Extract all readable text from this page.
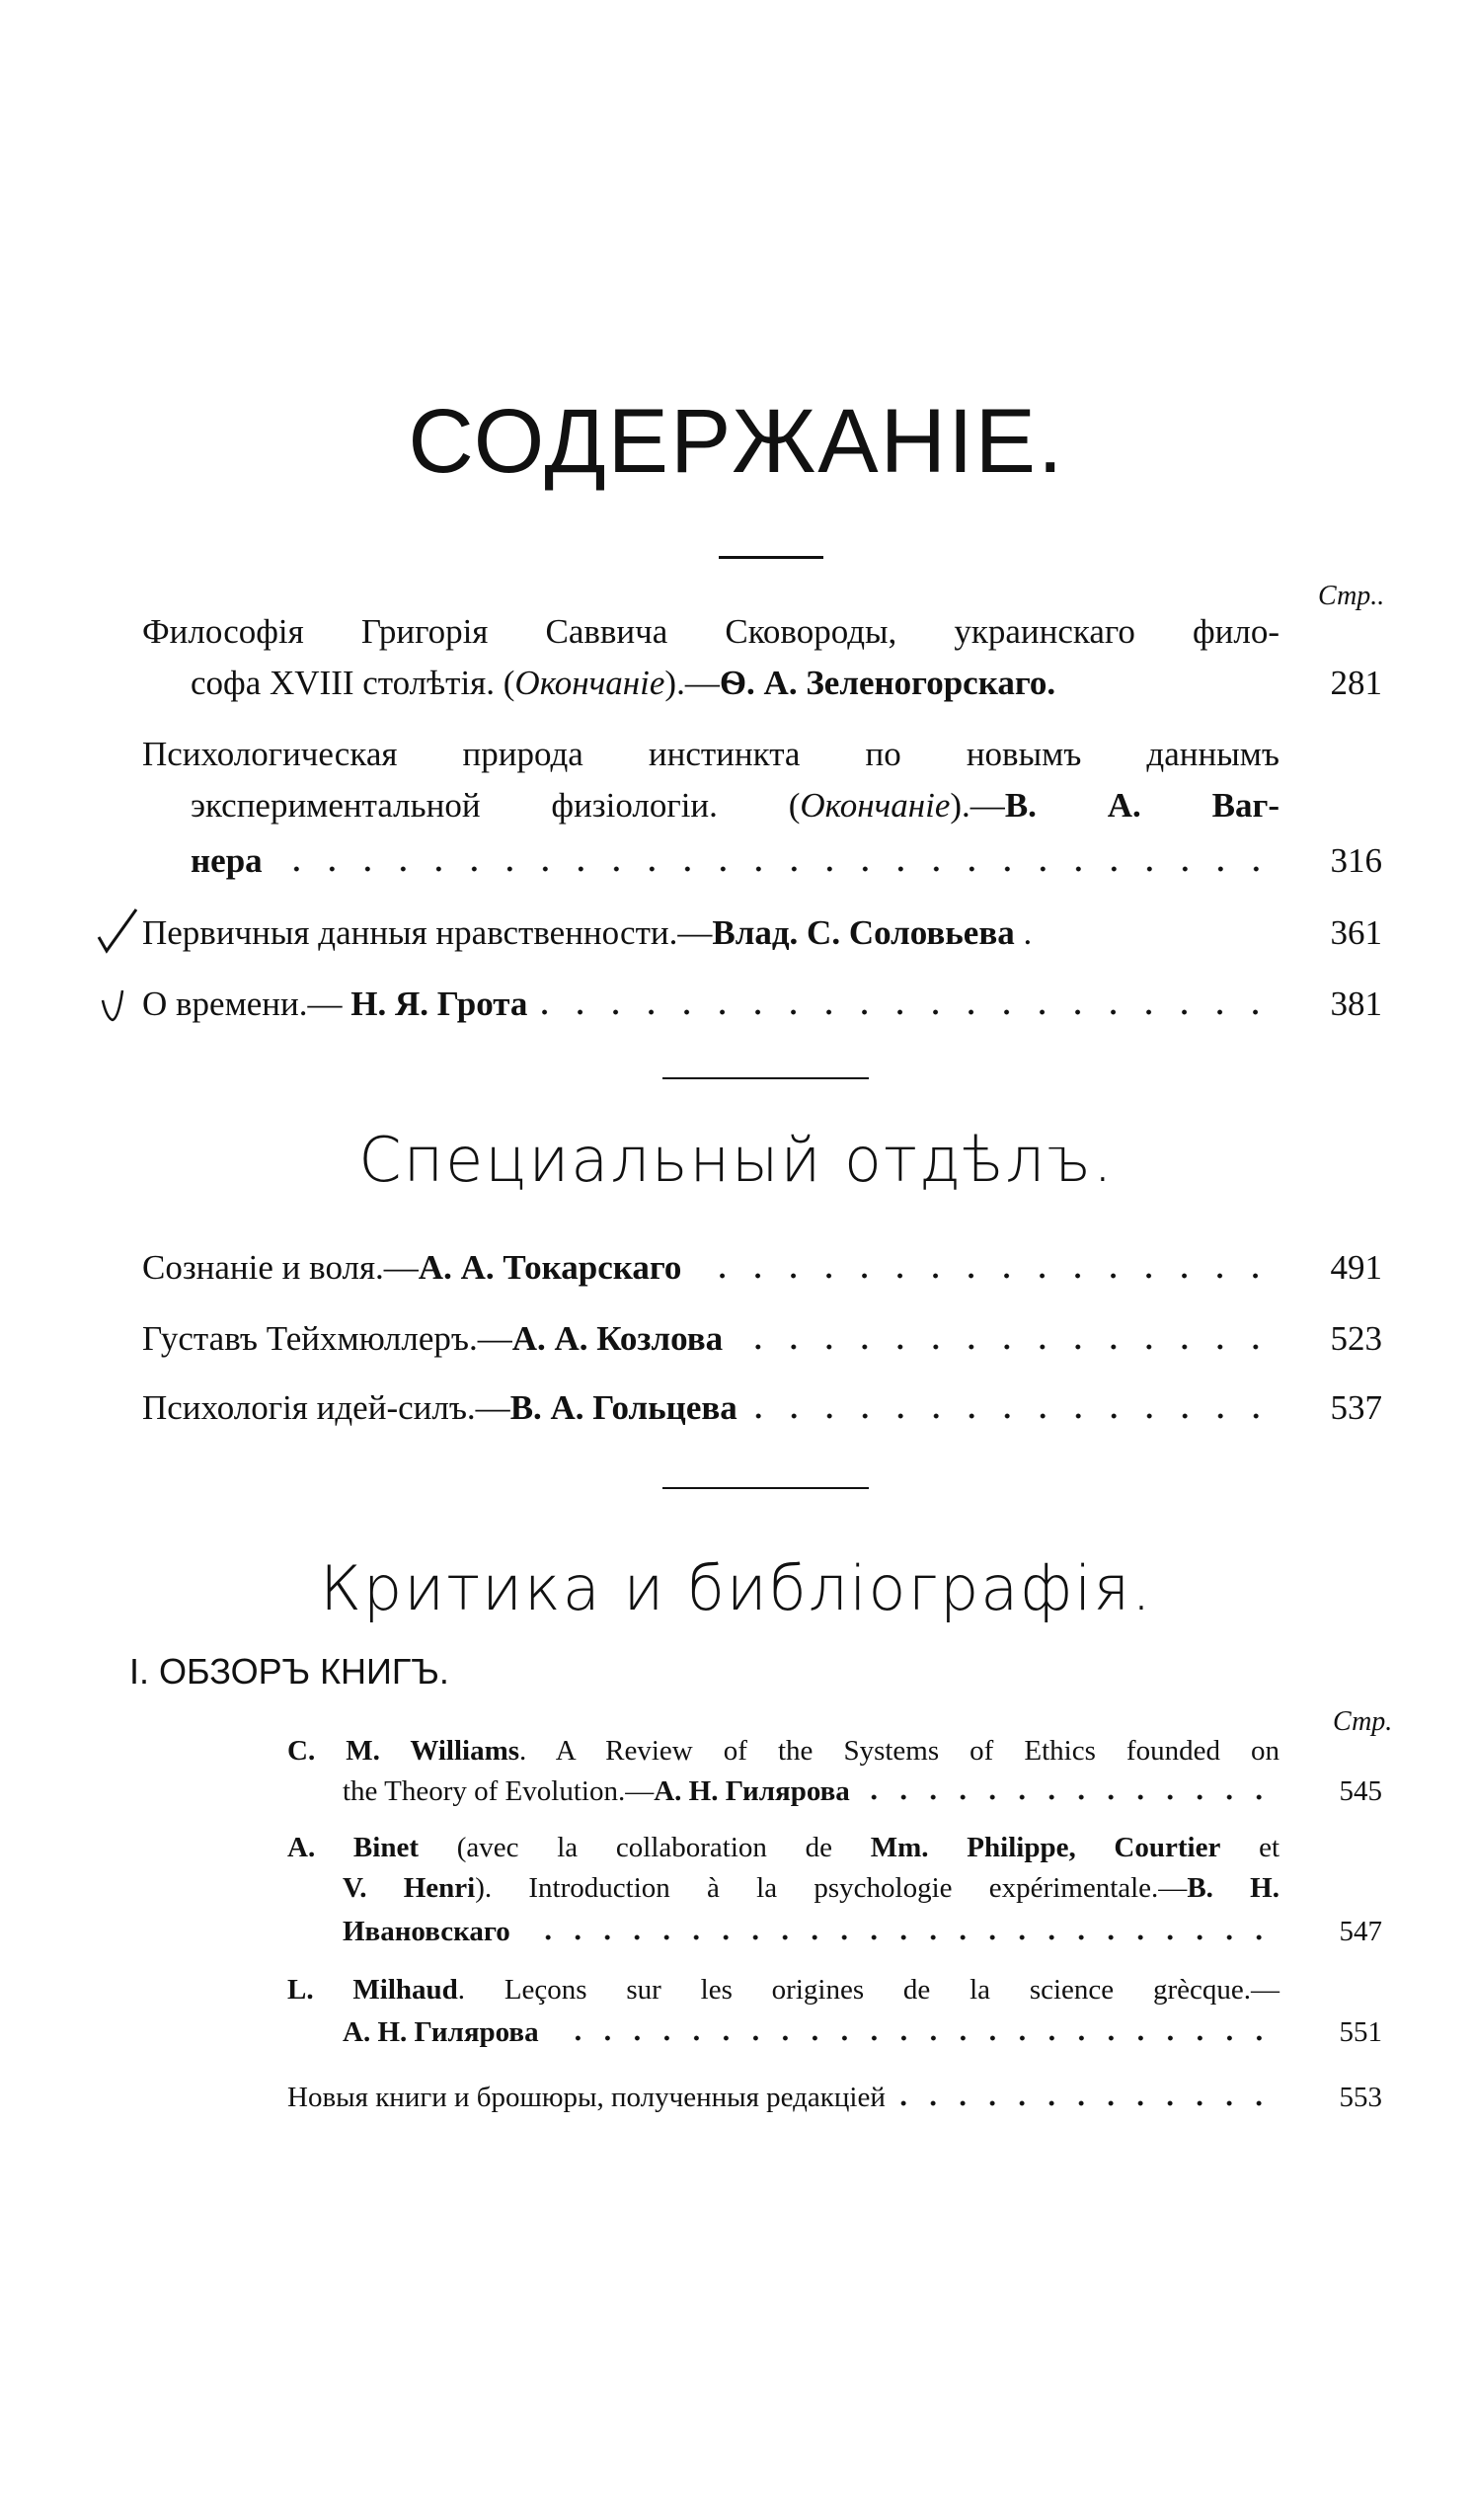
СОДЕРЖАНІЕ.
Стр..
Философія Григорія Саввича Сковороды, украинскаго фило-
софа XVIII столѣтія. (Окончаніе).—Ѳ. А. Зеленогорскаго.	281
Психологическая природа инстинкта по новымъ даннымъ
экспериментальной физіологіи. (Окончаніе).—В. А. Ваг-
нера	316
Первичныя данныя нравственности.—Влад. С. Соловьева .	361
О времени.— Н. Я. Грота	381
Специальный отдѣлъ.
Сознаніе и воля.—А. А. Токарскаго	491
Густавъ Тейхмюллеръ.—А. А. Козлова	523
Психологія идей-силъ.—В. А. Гольцева	537
Критика и библіографія.
I. ОБЗОРЪ КНИГЪ.
Стр.
C. M. Williams. A Review of the Systems of Ethics founded on
the Theory of Evolution.—А. Н. Гилярова	545
A. Binet (avec la collaboration de Mm. Philippe, Courtier et
V. Henri). Introduction à la psychologie expérimentale.—В. Н.
Ивановскаго	547
L. Milhaud. Leçons sur les origines de la science grècque.—
А. Н. Гилярова	551
Новыя книги и брошюры, полученныя редакціей	553
